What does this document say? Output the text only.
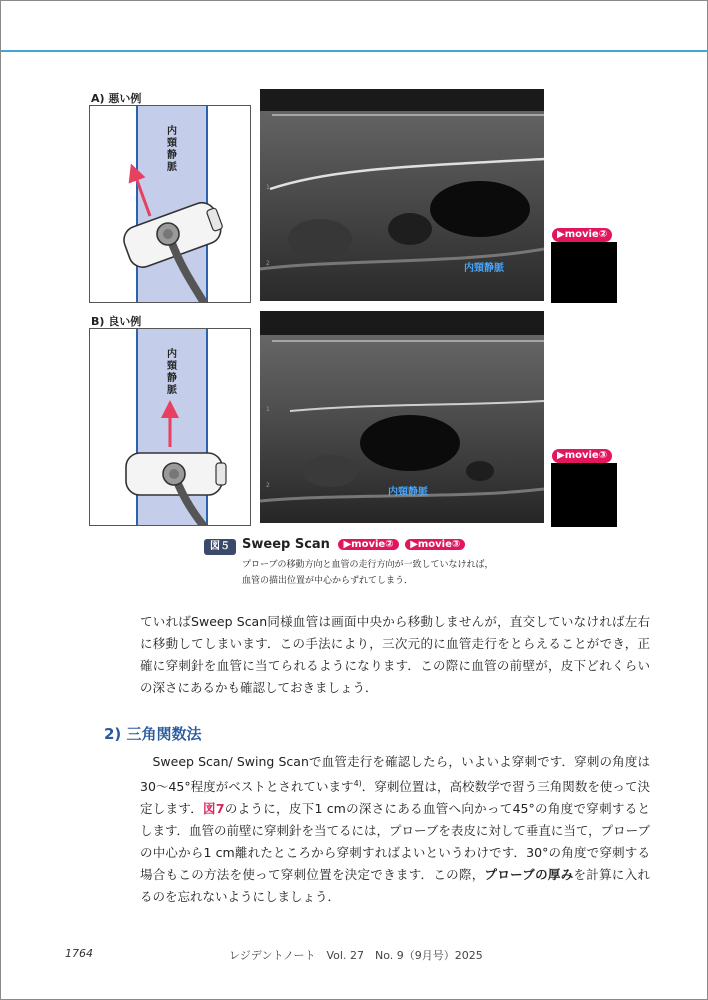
A) 悪い例
内頸静脈
1
2	内頸静脈
▶movie②
B) 良い例
内頸静脈
1
2
内頸静脈
▶movie③
図５ Sweep Scan ▶movie② ▶movie③
プローブの移動方向と血管の走行方向が一致していなければ，
血管の描出位置が中心からずれてしまう．

ていればSweep Scan同様血管は画面中央から移動しませんが，直交していなければ左右に移動してしまいます．この手法により，三次元的に血管走行をとらえることができ，正確に穿刺針を血管に当てられるようになります．この際に血管の前壁が，皮下どれくらいの深さにあるかも確認しておきましょう．

2) 三角関数法

Sweep Scan/ Swing Scanで血管走行を確認したら，いよいよ穿刺です．穿刺の角度は30～45°程度がベストとされています$^{4)}$．穿刺位置は，高校数学で習う三角関数を使って決定します．図7のように，皮下1 cmの深さにある血管へ向かって45°の角度で穿刺するとします．血管の前壁に穿刺針を当てるには，プローブを表皮に対して垂直に当て，プローブの中心から1 cm離れたところから穿刺すればよいというわけです．30°の角度で穿刺する場合もこの方法を使って穿刺位置を決定できます．この際，プローブの厚みを計算に入れるのを忘れないようにしましょう．

1764	レジデントノート　Vol. 27　No. 9（9月号）2025
